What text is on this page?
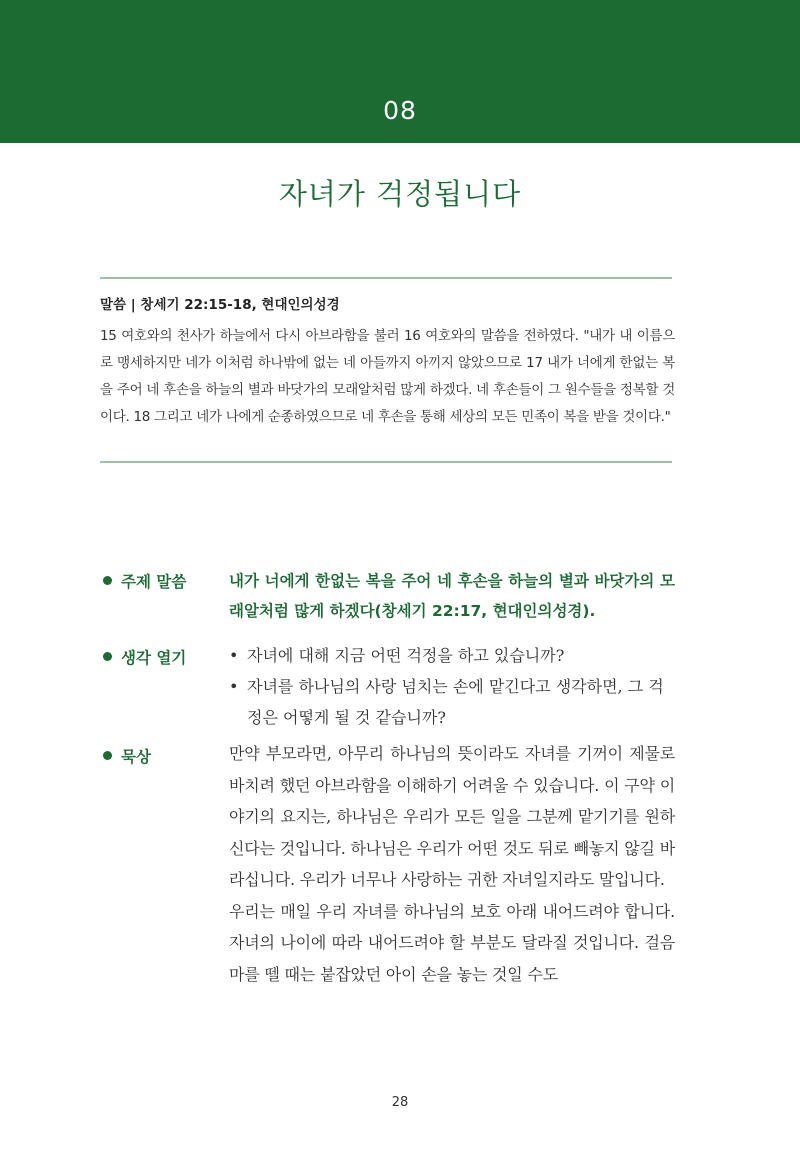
08
자녀가 걱정됩니다
말씀 | 창세기 22:15-18, 현대인의성경
15 여호와의 천사가 하늘에서 다시 아브라함을 불러 16 여호와의 말씀을 전하였다. "내가 내 이름으로 맹세하지만 네가 이처럼 하나밖에 없는 네 아들까지 아끼지 않았으므로 17 내가 너에게 한없는 복을 주어 네 후손을 하늘의 별과 바닷가의 모래알처럼 많게 하겠다. 네 후손들이 그 원수들을 정복할 것이다. 18 그리고 네가 나에게 순종하였으므로 네 후손을 통해 세상의 모든 민족이 복을 받을 것이다."
주제 말씀	내가 너에게 한없는 복을 주어 네 후손을 하늘의 별과 바닷가의 모래알처럼 많게 하겠다(창세기 22:17, 현대인의성경).
생각 열기	• 자녀에 대해 지금 어떤 걱정을 하고 있습니까?
• 자녀를 하나님의 사랑 넘치는 손에 맡긴다고 생각하면, 그 걱정은 어떻게 될 것 같습니까?
묵상	만약 부모라면, 아무리 하나님의 뜻이라도 자녀를 기꺼이 제물로 바치려 했던 아브라함을 이해하기 어려울 수 있습니다. 이 구약 이야기의 요지는, 하나님은 우리가 모든 일을 그분께 맡기기를 원하신다는 것입니다. 하나님은 우리가 어떤 것도 뒤로 빼놓지 않길 바라십니다. 우리가 너무나 사랑하는 귀한 자녀일지라도 말입니다.

우리는 매일 우리 자녀를 하나님의 보호 아래 내어드려야 합니다. 자녀의 나이에 따라 내어드려야 할 부분도 달라질 것입니다. 걸음마를 뗄 때는 붙잡았던 아이 손을 놓는 것일 수도

28
